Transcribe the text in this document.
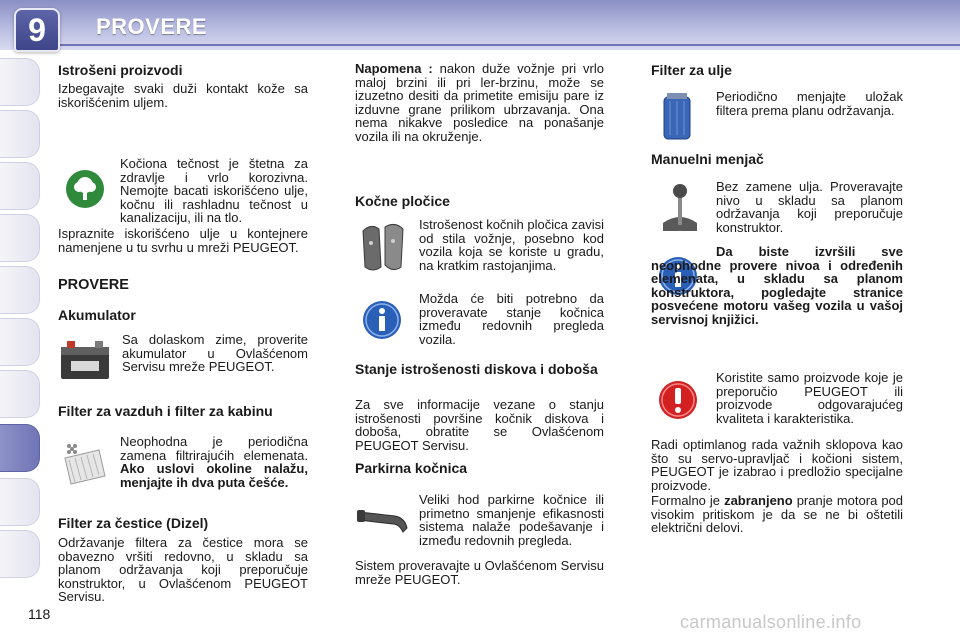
9	PROVERE
Istrošeni proizvodi

Izbegavajte svaki duži kontakt kože sa iskorišćenim uljem.

Kočiona tečnost je štetna za zdravlje i vrlo korozivna. Nemojte bacati iskorišćeno ulje, kočnu ili rashladnu tečnost u kanalizaciju, ili na tlo.

Ispraznite iskorišćeno ulje u kontejnere namenjene u tu svrhu u mreži PEUGEOT.

PROVERE
Akumulator

Sa dolaskom zime, proverite akumulator u Ovlašćenom Servisu mreže PEUGEOT.

Filter za vazduh i filter za kabinu

Neophodna je periodična zamena filtrirajućih elemenata. Ako uslovi okoline nalažu, menjajte ih dva puta češće.

Filter za čestice (Dizel)

Održavanje filtera za čestice mora se obavezno vršiti redovno, u skladu sa planom održavanja koji preporučuje konstruktor, u Ovlašćenom PEUGEOT Servisu.

Napomena : nakon duže vožnje pri vrlo maloj brzini ili pri ler-brzinu, može se izuzetno desiti da primetite emisiju pare iz izduvne grane prilikom ubrzavanja. Ona nema nikakve posledice na ponašanje vozila ili na okruženje.

Kočne pločice

Istrošenost kočnih pločica zavisi od stila vožnje, posebno kod vozila koja se koriste u gradu, na kratkim rastojanjima.

Možda će biti potrebno da proveravate stanje kočnica između redovnih pregleda vozila.

Stanje istrošenosti diskova i doboša

Za sve informacije vezane o stanju istrošenosti površine kočnik diskova i doboša, obratite se Ovlašćenom PEUGEOT Servisu.

Parkirna kočnica

Veliki hod parkirne kočnice ili primetno smanjenje efikasnosti sistema nalaže podešavanje i između redovnih pregleda.

Sistem proveravajte u Ovlašćenom Servisu mreže PEUGEOT.

Filter za ulje

Periodično menjajte uložak filtera prema planu održavanja.

Manuelni menjač

Bez zamene ulja. Proveravajte nivo u skladu sa planom održavanja koji preporučuje konstruktor.

Da biste izvršili sve neophodne provere nivoa i određenih elemenata, u skladu sa planom konstruktora, pogledajte stranice posvećene motoru vašeg vozila u vašoj servisnoj knjižici.

Koristite samo proizvode koje je preporučio PEUGEOT ili proizvode odgovarajućeg kvaliteta i karakteristika.

Radi optimlanog rada važnih sklopova kao što su servo-upravljač i kočioni sistem, PEUGEOT je izabrao i predložio specijalne proizvode.

Formalno je zabranjeno pranje motora pod visokim pritiskom je da se ne bi oštetili električni delovi.

118	carmanualsonline.info
